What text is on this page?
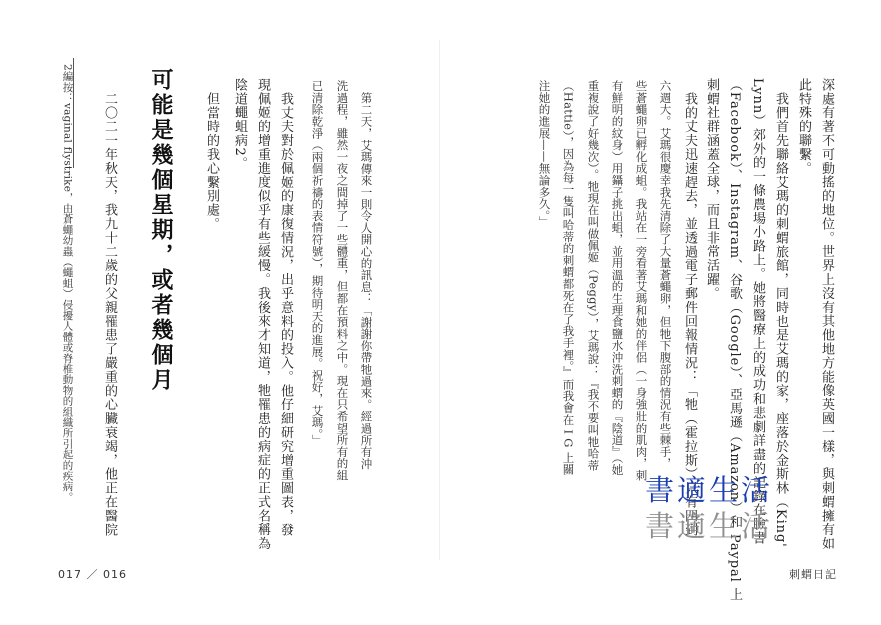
2編按：vaginal flystrike，由蒼蠅幼蟲（蠅蛆）侵擾人體或脊椎動物的組織所引起的疾病。	可能是幾個星期，或者幾個月
二〇二一年秋天，我九十二歲的父親罹患了嚴重的心臟衰竭，他正在醫院	但當時的我心繫別處。 陰道蠅蛆病2。 現佩姬的增重進度似乎有些緩慢。我後來才知道，牠罹患的病症的正式名稱為 我丈夫對於佩姬的康復情況，出乎意料的投入。他仔細研究增重圖表，發 已清除乾淨（兩個祈禱的表情符號），期待明天的進展。祝好，艾瑪。」 洗過程，雖然一夜之間掉了一些體重，但都在預料之中。現在只希望所有的組 第二天，艾瑪傳來一則令人開心的訊息：「謝謝你帶牠過來。經過所有沖
017 ／ 016
注她的進展——無論多久。」 （Hattie），因為每一隻叫哈蒂的刺蝟都死在了我手裡。』而我會在 I G 上關 重複說了好幾次）。牠現在叫做佩姬（Peggy），艾瑪說：『我不要叫牠哈蒂 有鮮明的紋身）用鑷子挑出蛆，並用溫的生理食鹽水沖洗刺蝟的『陰道』（她 些蒼蠅卵已孵化成蛆。我站在一旁看著艾瑪和她的伴侶（一身強壯的肌肉，刺 六週大。艾瑪很慶幸我先清除了大量蒼蠅卵，但牠下腹部的情況有些棘手， 我的丈夫迅速趕去，並透過電子郵件回報情況：「牠（霍拉斯）只有四到 刺蝟社群涵蓋全球，而且非常活躍。 （Facebook）、Instagram、谷歌（Google）、亞馬遜（Amazon）和 Paypal 上 Lynn）郊外的一條農場小路上。她將醫療上的成功和悲劇詳盡的記錄在臉書 我們首先聯絡艾瑪的刺蝟旅館，同時也是艾瑪的家，座落於金斯林（King' 此特殊的聯繫。 深處有著不可動搖的地位。世界上沒有其他地方能像英國一樣，與刺蝟擁有如
刺蝟日記
書適生活
書適生活
